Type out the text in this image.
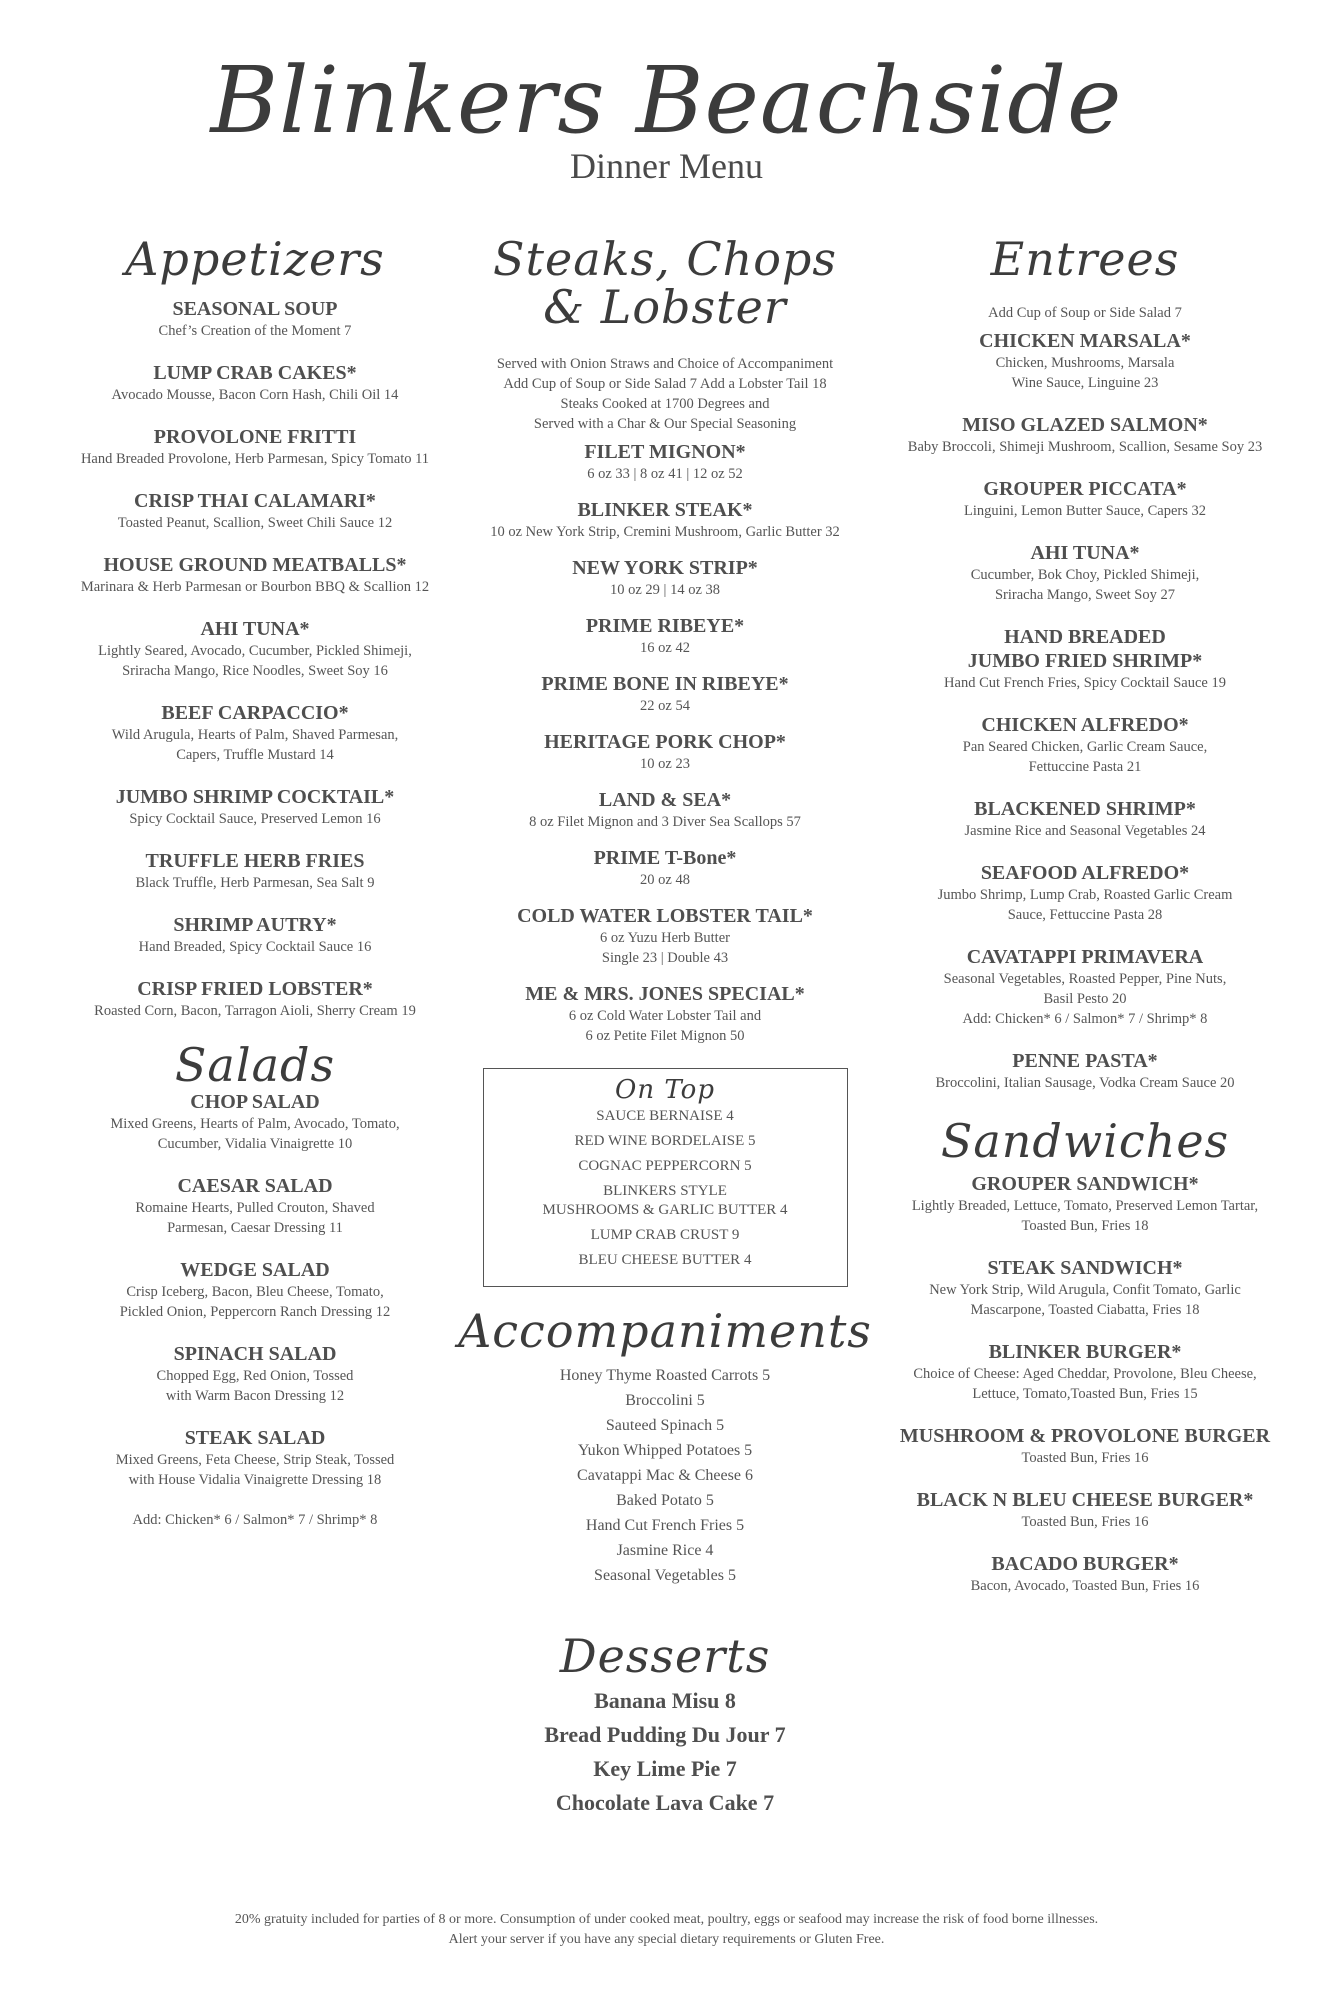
Blinkers Beachside
Dinner Menu
Appetizers
SEASONAL SOUP
Chef’s Creation of the Moment 7
LUMP CRAB CAKES*
Avocado Mousse, Bacon Corn Hash, Chili Oil 14
PROVOLONE FRITTI
Hand Breaded Provolone, Herb Parmesan, Spicy Tomato 11
CRISP THAI CALAMARI*
Toasted Peanut, Scallion, Sweet Chili Sauce 12
HOUSE GROUND MEATBALLS*
Marinara & Herb Parmesan or Bourbon BBQ & Scallion 12
AHI TUNA*
Lightly Seared, Avocado, Cucumber, Pickled Shimeji,
Sriracha Mango, Rice Noodles, Sweet Soy 16
BEEF CARPACCIO*
Wild Arugula, Hearts of Palm, Shaved Parmesan,
Capers, Truffle Mustard 14
JUMBO SHRIMP COCKTAIL*
Spicy Cocktail Sauce, Preserved Lemon 16
TRUFFLE HERB FRIES
Black Truffle, Herb Parmesan, Sea Salt 9
SHRIMP AUTRY*
Hand Breaded, Spicy Cocktail Sauce 16
CRISP FRIED LOBSTER*
Roasted Corn, Bacon, Tarragon Aioli, Sherry Cream 19
Salads
CHOP SALAD
Mixed Greens, Hearts of Palm, Avocado, Tomato,
Cucumber, Vidalia Vinaigrette 10
CAESAR SALAD
Romaine Hearts, Pulled Crouton, Shaved
Parmesan, Caesar Dressing 11
WEDGE SALAD
Crisp Iceberg, Bacon, Bleu Cheese, Tomato,
Pickled Onion, Peppercorn Ranch Dressing 12
SPINACH SALAD
Chopped Egg, Red Onion, Tossed
with Warm Bacon Dressing 12
STEAK SALAD
Mixed Greens, Feta Cheese, Strip Steak, Tossed
with House Vidalia Vinaigrette Dressing 18
Add: Chicken* 6 / Salmon* 7 / Shrimp* 8
Steaks, Chops
& Lobster
Served with Onion Straws and Choice of Accompaniment
Add Cup of Soup or Side Salad 7 Add a Lobster Tail 18
Steaks Cooked at 1700 Degrees and
Served with a Char & Our Special Seasoning
FILET MIGNON*
6 oz 33 | 8 oz 41 | 12 oz 52
BLINKER STEAK*
10 oz New York Strip, Cremini Mushroom, Garlic Butter 32
NEW YORK STRIP*
10 oz 29 | 14 oz 38
PRIME RIBEYE*
16 oz 42
PRIME BONE IN RIBEYE*
22 oz 54
HERITAGE PORK CHOP*
10 oz 23
LAND & SEA*
8 oz Filet Mignon and 3 Diver Sea Scallops 57
PRIME T-Bone*
20 oz 48
COLD WATER LOBSTER TAIL*
6 oz Yuzu Herb Butter
Single 23 | Double 43
ME & MRS. JONES SPECIAL*
6 oz Cold Water Lobster Tail and
6 oz Petite Filet Mignon 50
On Top
SAUCE BERNAISE 4
RED WINE BORDELAISE 5
COGNAC PEPPERCORN 5
BLINKERS STYLE
MUSHROOMS & GARLIC BUTTER 4
LUMP CRAB CRUST 9
BLEU CHEESE BUTTER 4
Accompaniments
Honey Thyme Roasted Carrots 5
Broccolini 5
Sauteed Spinach 5
Yukon Whipped Potatoes 5
Cavatappi Mac & Cheese 6
Baked Potato 5
Hand Cut French Fries 5
Jasmine Rice 4
Seasonal Vegetables 5
Desserts
Banana Misu 8
Bread Pudding Du Jour 7
Key Lime Pie 7
Chocolate Lava Cake 7
Entrees
Add Cup of Soup or Side Salad 7
CHICKEN MARSALA*
Chicken, Mushrooms, Marsala
Wine Sauce, Linguine 23
MISO GLAZED SALMON*
Baby Broccoli, Shimeji Mushroom, Scallion, Sesame Soy 23
GROUPER PICCATA*
Linguini, Lemon Butter Sauce, Capers 32
AHI TUNA*
Cucumber, Bok Choy, Pickled Shimeji,
Sriracha Mango, Sweet Soy 27
HAND BREADED
JUMBO FRIED SHRIMP*
Hand Cut French Fries, Spicy Cocktail Sauce 19
CHICKEN ALFREDO*
Pan Seared Chicken, Garlic Cream Sauce,
Fettuccine Pasta 21
BLACKENED SHRIMP*
Jasmine Rice and Seasonal Vegetables 24
SEAFOOD ALFREDO*
Jumbo Shrimp, Lump Crab, Roasted Garlic Cream
Sauce, Fettuccine Pasta 28
CAVATAPPI PRIMAVERA
Seasonal Vegetables, Roasted Pepper, Pine Nuts,
Basil Pesto 20
Add: Chicken* 6 / Salmon* 7 / Shrimp* 8
PENNE PASTA*
Broccolini, Italian Sausage, Vodka Cream Sauce 20
Sandwiches
GROUPER SANDWICH*
Lightly Breaded, Lettuce, Tomato, Preserved Lemon Tartar,
Toasted Bun, Fries 18
STEAK SANDWICH*
New York Strip, Wild Arugula, Confit Tomato, Garlic
Mascarpone, Toasted Ciabatta, Fries 18
BLINKER BURGER*
Choice of Cheese: Aged Cheddar, Provolone, Bleu Cheese,
Lettuce, Tomato,Toasted Bun, Fries 15
MUSHROOM & PROVOLONE BURGER
Toasted Bun, Fries 16
BLACK N BLEU CHEESE BURGER*
Toasted Bun, Fries 16
BACADO BURGER*
Bacon, Avocado, Toasted Bun, Fries 16
20% gratuity included for parties of 8 or more. Consumption of under cooked meat, poultry, eggs or seafood may increase the risk of food borne illnesses.
Alert your server if you have any special dietary requirements or Gluten Free.
